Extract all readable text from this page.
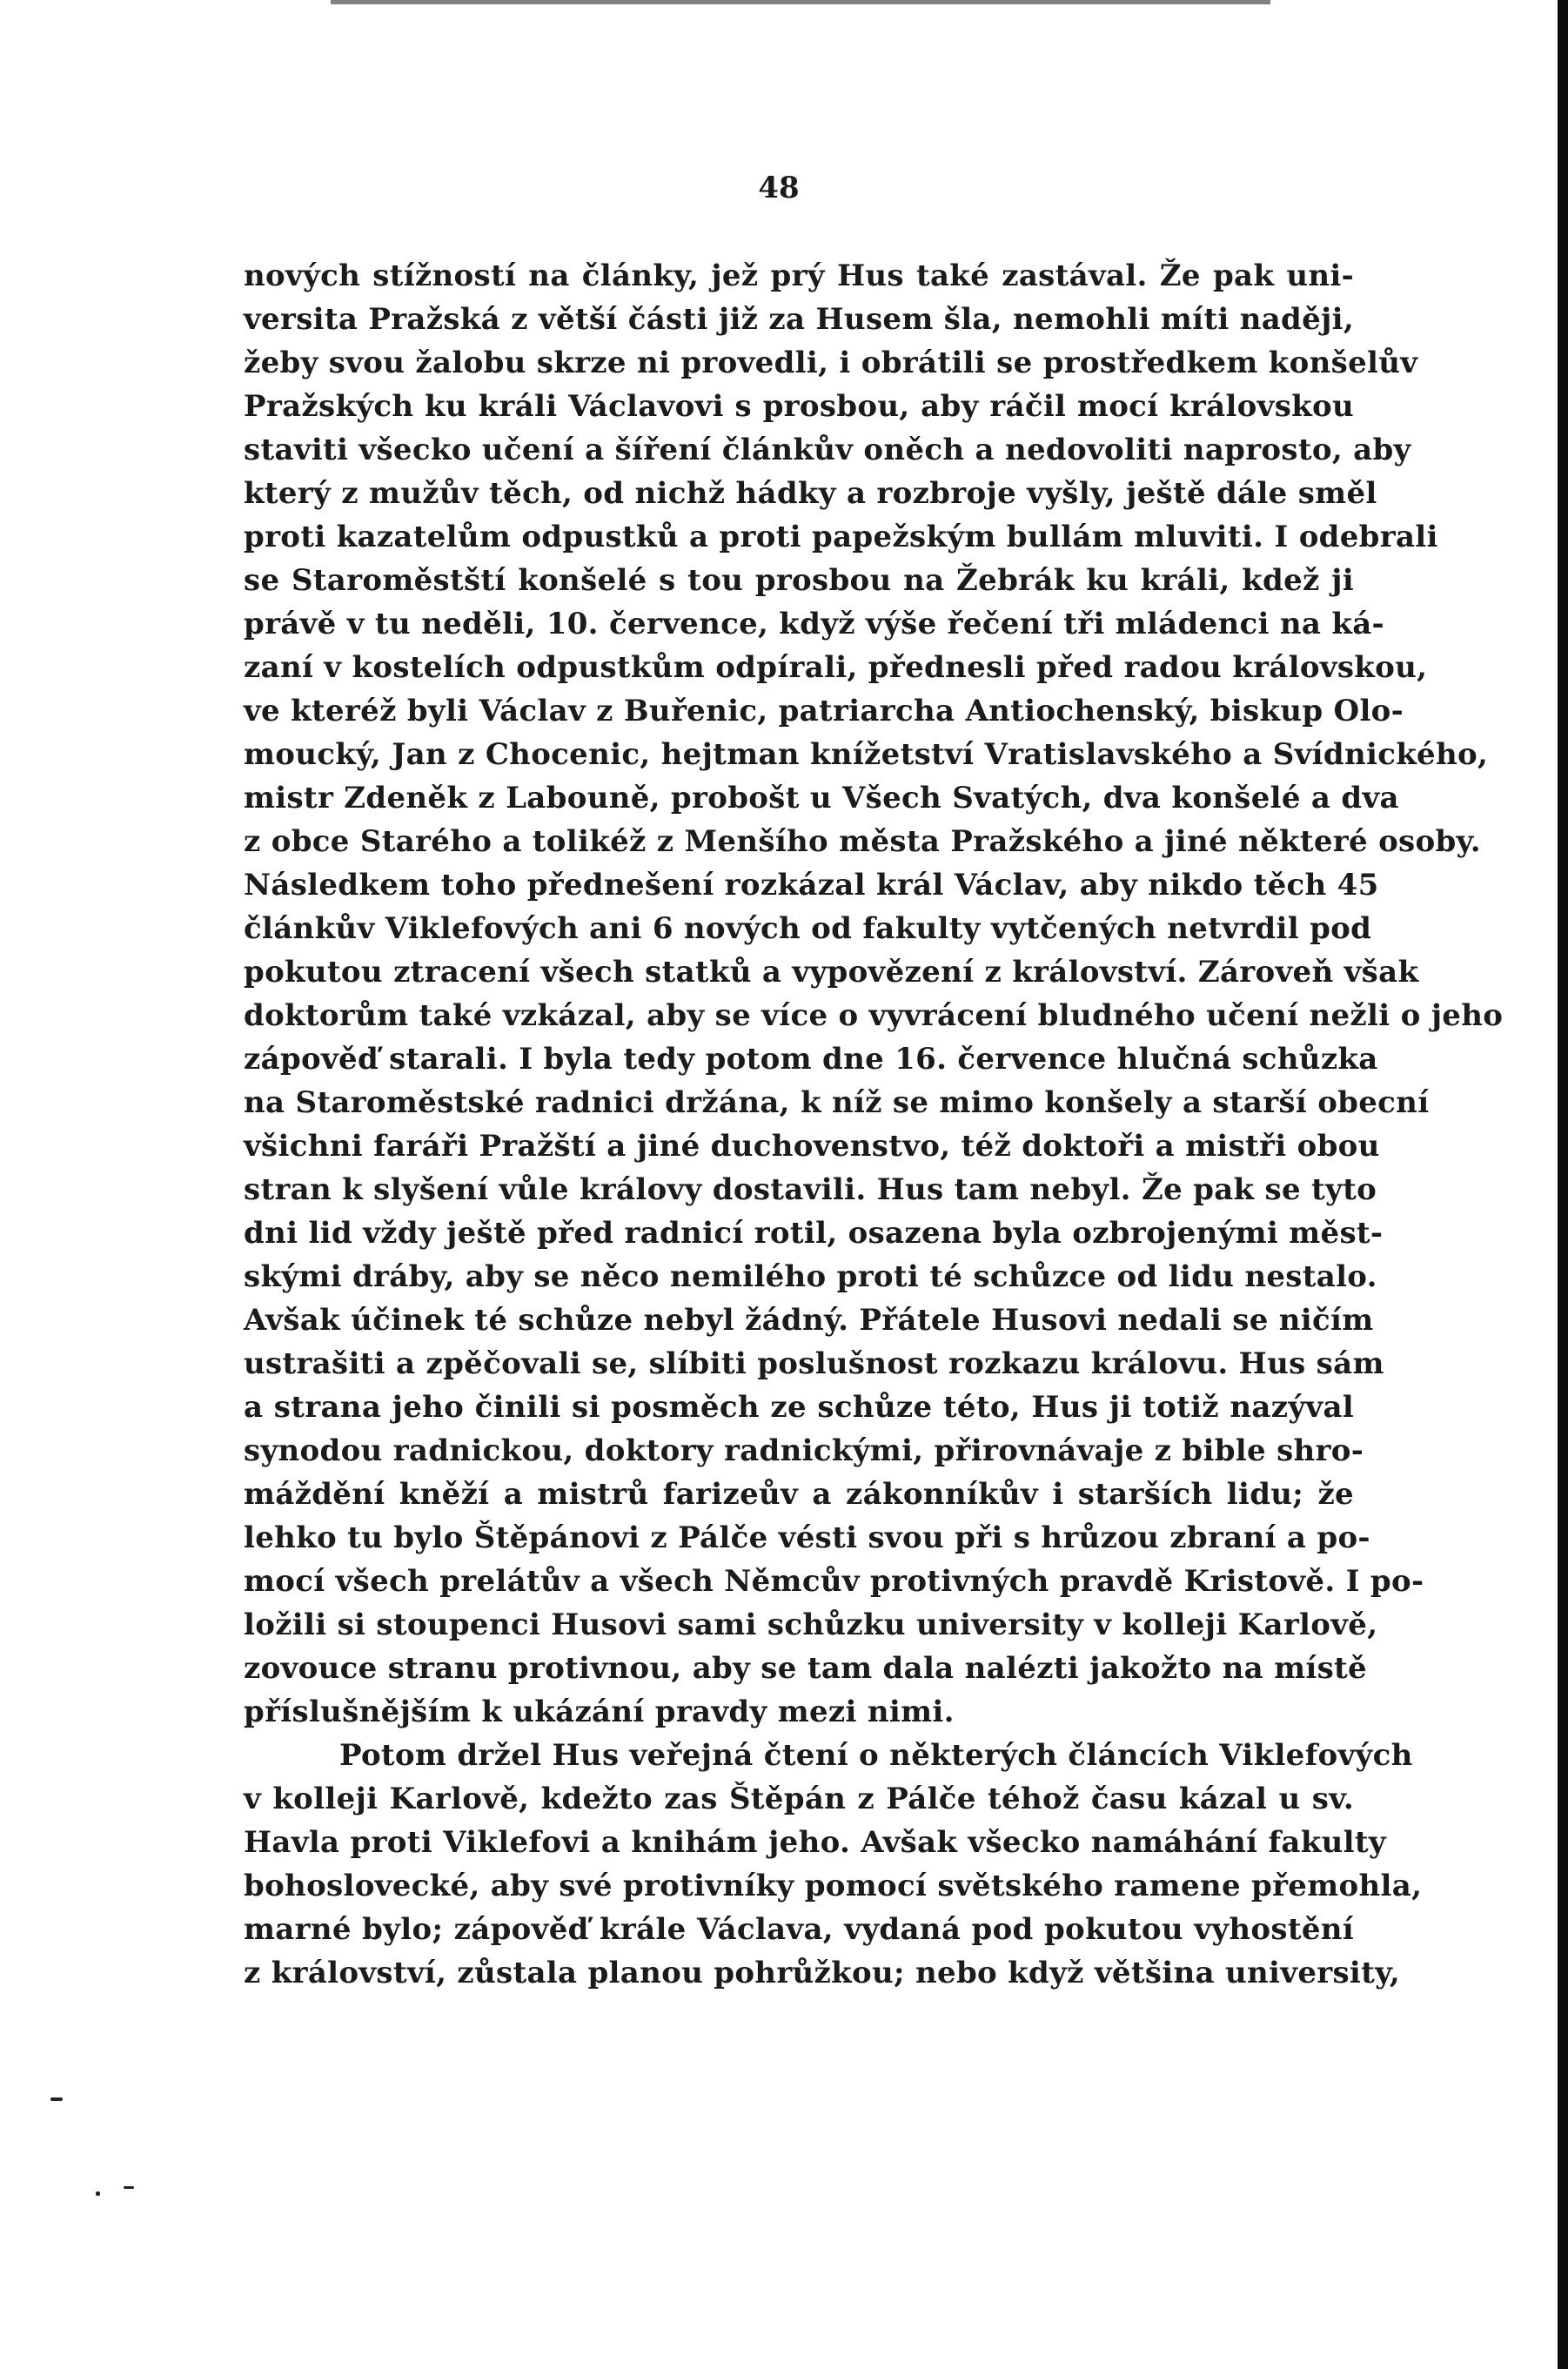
48
nových stížností na články, jež prý Hus také zastával. Že pak uni-
versita Pražská z větší části již za Husem šla, nemohli míti naději,
žeby svou žalobu skrze ni provedli, i obrátili se prostředkem konšelův
Pražských ku králi Václavovi s prosbou, aby ráčil mocí královskou
staviti všecko učení a šíření článkův oněch a nedovoliti naprosto, aby
který z mužův těch, od nichž hádky a rozbroje vyšly, ještě dále směl
proti kazatelům odpustků a proti papežským bullám mluviti. I odebrali
se Staroměstští konšelé s tou prosbou na Žebrák ku králi, kdež ji
právě v tu neděli, 10. července, když výše řečení tři mládenci na ká-
zaní v kostelích odpustkům odpírali, přednesli před radou královskou,
ve kteréž byli Václav z Buřenic, patriarcha Antiochenský, biskup Olo-
moucký, Jan z Chocenic, hejtman knížetství Vratislavského a Svídnického,
mistr Zdeněk z Labouně, probošt u Všech Svatých, dva konšelé a dva
z obce Starého a tolikéž z Menšího města Pražského a jiné některé osoby.
Následkem toho přednešení rozkázal král Václav, aby nikdo těch 45
článkův Viklefových ani 6 nových od fakulty vytčených netvrdil pod
pokutou ztracení všech statků a vypovězení z království. Zároveň však
doktorům také vzkázal, aby se více o vyvrácení bludného učení nežli o jeho
zápověď starali. I byla tedy potom dne 16. července hlučná schůzka
na Staroměstské radnici držána, k níž se mimo konšely a starší obecní
všichni faráři Pražští a jiné duchovenstvo, též doktoři a mistři obou
stran k slyšení vůle královy dostavili. Hus tam nebyl. Že pak se tyto
dni lid vždy ještě před radnicí rotil, osazena byla ozbrojenými měst-
skými dráby, aby se něco nemilého proti té schůzce od lidu nestalo.
Avšak účinek té schůze nebyl žádný. Přátele Husovi nedali se ničím
ustrašiti a zpěčovali se, slíbiti poslušnost rozkazu královu. Hus sám
a strana jeho činili si posměch ze schůze této, Hus ji totiž nazýval
synodou radnickou, doktory radnickými, přirovnávaje z bible shro-
máždění kněží a mistrů farizeův a zákonníkův i starších lidu; že
lehko tu bylo Štěpánovi z Pálče vésti svou při s hrůzou zbraní a po-
mocí všech prelátův a všech Němcův protivných pravdě Kristově. I po-
ložili si stoupenci Husovi sami schůzku university v kolleji Karlově,
zovouce stranu protivnou, aby se tam dala nalézti jakožto na místě
příslušnějším k ukázání pravdy mezi nimi.
Potom držel Hus veřejná čtení o některých článcích Viklefových
v kolleji Karlově, kdežto zas Štěpán z Pálče téhož času kázal u sv.
Havla proti Viklefovi a knihám jeho. Avšak všecko namáhání fakulty
bohoslovecké, aby své protivníky pomocí světského ramene přemohla,
marné bylo; zápověď krále Václava, vydaná pod pokutou vyhostění
z království, zůstala planou pohrůžkou; nebo když většina university,
